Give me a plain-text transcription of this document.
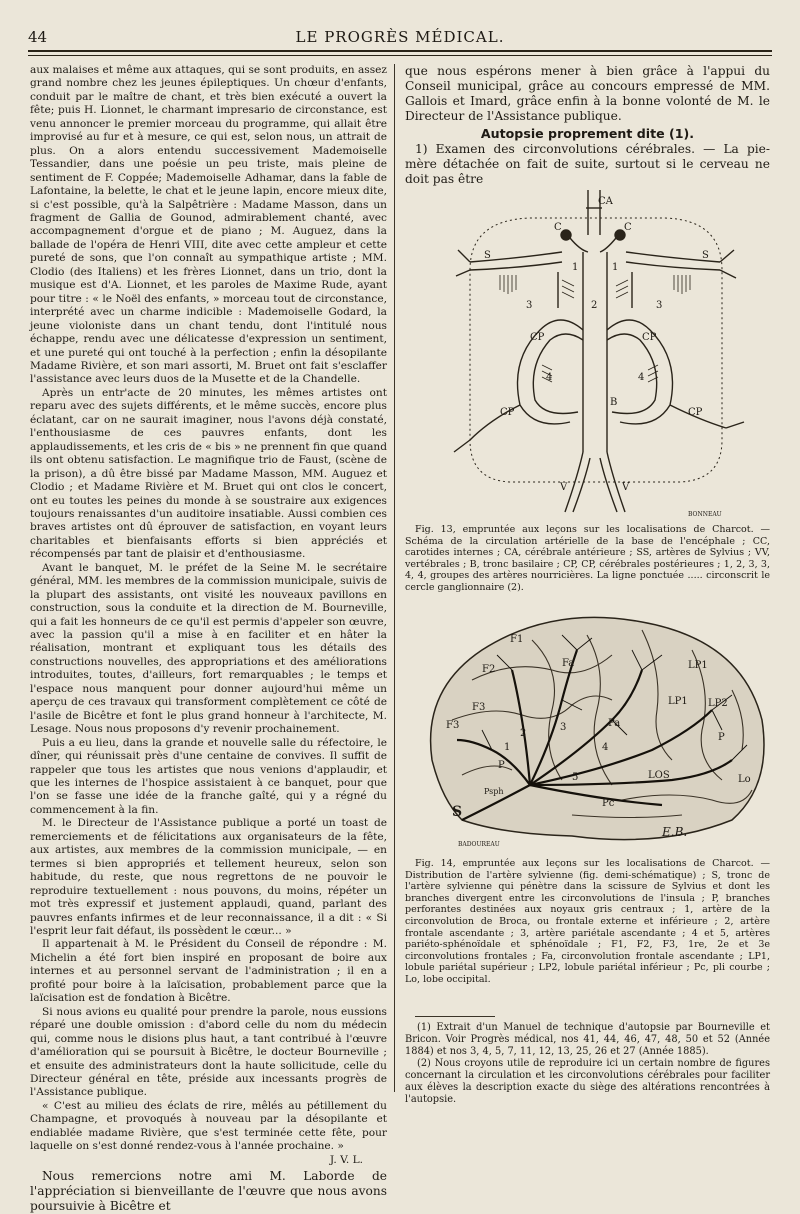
44	LE PROGRÈS MÉDICAL.

aux malaises et même aux attaques, qui se sont produits, en assez grand nombre chez les jeunes épileptiques. Un chœur d'enfants, conduit par le maître de chant, et très bien exécuté a ouvert la fête; puis H. Lionnet, le charmant impresario de circonstance, est venu annoncer le premier morceau du programme, qui allait être improvisé au fur et à mesure, ce qui est, selon nous, un attrait de plus. On a alors entendu successivement Mademoiselle Tessandier, dans une poésie un peu triste, mais pleine de sentiment de F. Coppée; Mademoiselle Adhamar, dans la fable de Lafontaine, la belette, le chat et le jeune lapin, encore mieux dite, si c'est possible, qu'à la Salpêtrière : Madame Masson, dans un fragment de Gallia de Gounod, admirablement chanté, avec accompagnement d'orgue et de piano ; M. Auguez, dans la ballade de l'opéra de Henri VIII, dite avec cette ampleur et cette pureté de sons, que l'on connaît au sympathique artiste ; MM. Clodio (des Italiens) et les frères Lionnet, dans un trio, dont la musique est d'A. Lionnet, et les paroles de Maxime Rude, ayant pour titre : « le Noël des enfants, » morceau tout de circonstance, interprété avec un charme indicible : Mademoiselle Godard, la jeune violoniste dans un chant tendu, dont l'intitulé nous échappe, rendu avec une délicatesse d'expression un sentiment, et une pureté qui ont touché à la perfection ; enfin la désopilante Madame Rivière, et son mari assorti, M. Bruet ont fait s'esclaffer l'assistance avec leurs duos de la Musette et de la Chandelle.

Après un entr'acte de 20 minutes, les mêmes artistes ont reparu avec des sujets différents, et le même succès, encore plus éclatant, car on ne saurait imaginer, nous l'avons déjà constaté, l'enthousiasme de ces pauvres enfants, dont les applaudissements, et les cris de « bis » ne prennent fin que quand ils ont obtenu satisfaction. Le magnifique trio de Faust, (scène de la prison), a dû être bissé par Madame Masson, MM. Auguez et Clodio ; et Madame Rivière et M. Bruet qui ont clos le concert, ont eu toutes les peines du monde à se soustraire aux exigences toujours renaissantes d'un auditoire insatiable. Aussi combien ces braves artistes ont dû éprouver de satisfaction, en voyant leurs charitables et bienfaisants efforts si bien appréciés et récompensés par tant de plaisir et d'enthousiasme.

Avant le banquet, M. le préfet de la Seine M. le secrétaire général, MM. les membres de la commission municipale, suivis de la plupart des assistants, ont visité les nouveaux pavillons en construction, sous la conduite et la direction de M. Bourneville, qui a fait les honneurs de ce qu'il est permis d'appeler son œuvre, avec la passion qu'il a mise à en faciliter et en hâter la réalisation, montrant et expliquant tous les détails des constructions nouvelles, des appropriations et des améliorations introduites, toutes, d'ailleurs, fort remarquables ; le temps et l'espace nous manquent pour donner aujourd'hui même un aperçu de ces travaux qui transforment complètement ce côté de l'asile de Bicêtre et font le plus grand honneur à l'architecte, M. Lesage. Nous nous proposons d'y revenir prochainement.

Puis a eu lieu, dans la grande et nouvelle salle du réfectoire, le dîner, qui réunissait près d'une centaine de convives. Il suffit de rappeler que tous les artistes que nous venions d'applaudir, et que les internes de l'hospice assistaient à ce banquet, pour que l'on se fasse une idée de la franche gaîté, qui y a régné du commencement à la fin.

M. le Directeur de l'Assistance publique a porté un toast de remerciements et de félicitations aux organisateurs de la fête, aux artistes, aux membres de la commission municipale, — en termes si bien appropriés et tellement heureux, selon son habitude, du reste, que nous regrettons de ne pouvoir le reproduire textuellement : nous pouvons, du moins, répéter un mot très expressif et justement applaudi, quand, parlant des pauvres enfants infirmes et de leur reconnaissance, il a dit : « Si l'esprit leur fait défaut, ils possèdent le cœur... »

Il appartenait à M. le Président du Conseil de répondre : M. Michelin a été fort bien inspiré en proposant de boire aux internes et au personnel servant de l'administration ; il en a profité pour boire à la laïcisation, probablement parce que la laïcisation est de fondation à Bicêtre.

Si nous avions eu qualité pour prendre la parole, nous eussions réparé une double omission : d'abord celle du nom du médecin qui, comme nous le disions plus haut, a tant contribué à l'œuvre d'amélioration qui se poursuit à Bicêtre, le docteur Bourneville ; et ensuite des administrateurs dont la haute sollicitude, celle du Directeur général en tête, préside aux incessants progrès de l'Assistance publique.

« C'est au milieu des éclats de rire, mêlés au pétillement du Champagne, et provoqués à nouveau par la désopilante et endiablée madame Rivière, que s'est terminée cette fête, pour laquelle on s'est donné rendez-vous à l'année prochaine. »

J. V. L.

Nous remercions notre ami M. Laborde de l'appréciation si bienveillante de l'œuvre que nous avons poursuivie à Bicêtre et

que nous espérons mener à bien grâce à l'appui du Conseil municipal, grâce au concours empressé de MM. Gallois et Imard, grâce enfin à la bonne volonté de M. le Directeur de l'Assistance publique.

Autopsie proprement dite (1).

1) Examen des circonvolutions cérébrales. — La pie-mère détachée on fait de suite, surtout si le cerveau ne doit pas être

CA
C	C
S	S
1	1
3	2	3
CP	CP
4	4
B
CP	CP
V	V
BONNEAU

Fig. 13, empruntée aux leçons sur les localisations de Charcot. — Schéma de la circulation artérielle de la base de l'encéphale ; CC, carotides internes ; CA, cérébrale antérieure ; SS, artères de Sylvius ; VV, vertébrales ; B, tronc basilaire ; CP, CP, cérébrales postérieures ; 1, 2, 3, 3, 4, 4, groupes des artères nourricières. La ligne ponctuée ..... circonscrit le cercle ganglionnaire (2).

F1
F2
F3
F3
Fa
Pa
P
P
LP1
LP1 LP2
1
2
3
4
5	LOS	Lo
Pc
S
Psph
BADOUREAU
E.B.

Fig. 14, empruntée aux leçons sur les localisations de Charcot. — Distribution de l'artère sylvienne (fig. demi-schématique) ; S, tronc de l'artère sylvienne qui pénètre dans la scissure de Sylvius et dont les branches divergent entre les circonvolutions de l'insula ; P, branches perforantes destinées aux noyaux gris centraux ; 1, artère de la circonvolution de Broca, ou frontale externe et inférieure ; 2, artère frontale ascendante ; 3, artère pariétale ascendante ; 4 et 5, artères pariéto-sphénoïdale et sphénoïdale ; F1, F2, F3, 1re, 2e et 3e circonvolutions frontales ; Fa, circonvolution frontale ascendante ; LP1, lobule pariétal supérieur ; LP2, lobule pariétal inférieur ; Pc, pli courbe ; Lo, lobe occipital.

(1) Extrait d'un Manuel de technique d'autopsie par Bourneville et Bricon. Voir Progrès médical, nos 41, 44, 46, 47, 48, 50 et 52 (Année 1884) et nos 3, 4, 5, 7, 11, 12, 13, 25, 26 et 27 (Année 1885).

(2) Nous croyons utile de reproduire ici un certain nombre de figures concernant la circulation et les circonvolutions cérébrales pour faciliter aux élèves la description exacte du siège des altérations rencontrées à l'autopsie.
